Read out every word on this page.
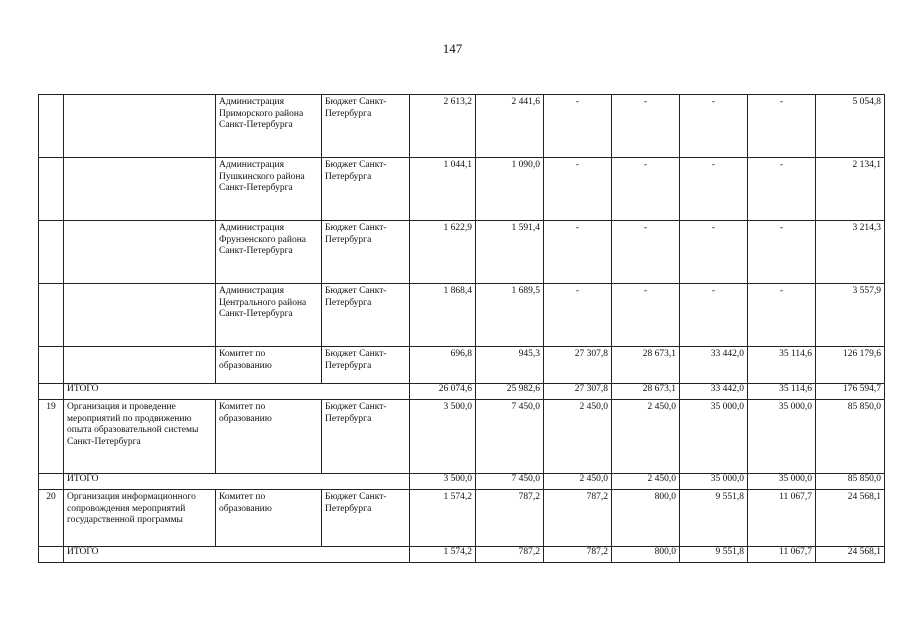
147
		Администрация Приморского района Санкт-Петербурга	Бюджет Санкт-Петербурга	2 613,2	2 441,6	-	-	-	-	5 054,8
		Администрация Пушкинского района Санкт-Петербурга	Бюджет Санкт-Петербурга	1 044,1	1 090,0	-	-	-	-	2 134,1
		Администрация Фрунзенского района Санкт-Петербурга	Бюджет Санкт-Петербурга	1 622,9	1 591,4	-	-	-	-	3 214,3
		Администрация Центрального района Санкт-Петербурга	Бюджет Санкт-Петербурга	1 868,4	1 689,5	-	-	-	-	3 557,9
		Комитет по образованию	Бюджет Санкт-Петербурга	696,8	945,3	27 307,8	28 673,1	33 442,0	35 114,6	126 179,6
	ИТОГО			26 074,6	25 982,6	27 307,8	28 673,1	33 442,0	35 114,6	176 594,7
19	Организация и проведение мероприятий по продвижению опыта образовательной системы Санкт-Петербурга	Комитет по образованию	Бюджет Санкт-Петербурга	3 500,0	7 450,0	2 450,0	2 450,0	35 000,0	35 000,0	85 850,0
	ИТОГО			3 500,0	7 450,0	2 450,0	2 450,0	35 000,0	35 000,0	85 850,0
20	Организация информационного сопровождения мероприятий государственной программы	Комитет по образованию	Бюджет Санкт-Петербурга	1 574,2	787,2	787,2	800,0	9 551,8	11 067,7	24 568,1
	ИТОГО			1 574,2	787,2	787,2	800,0	9 551,8	11 067,7	24 568,1
